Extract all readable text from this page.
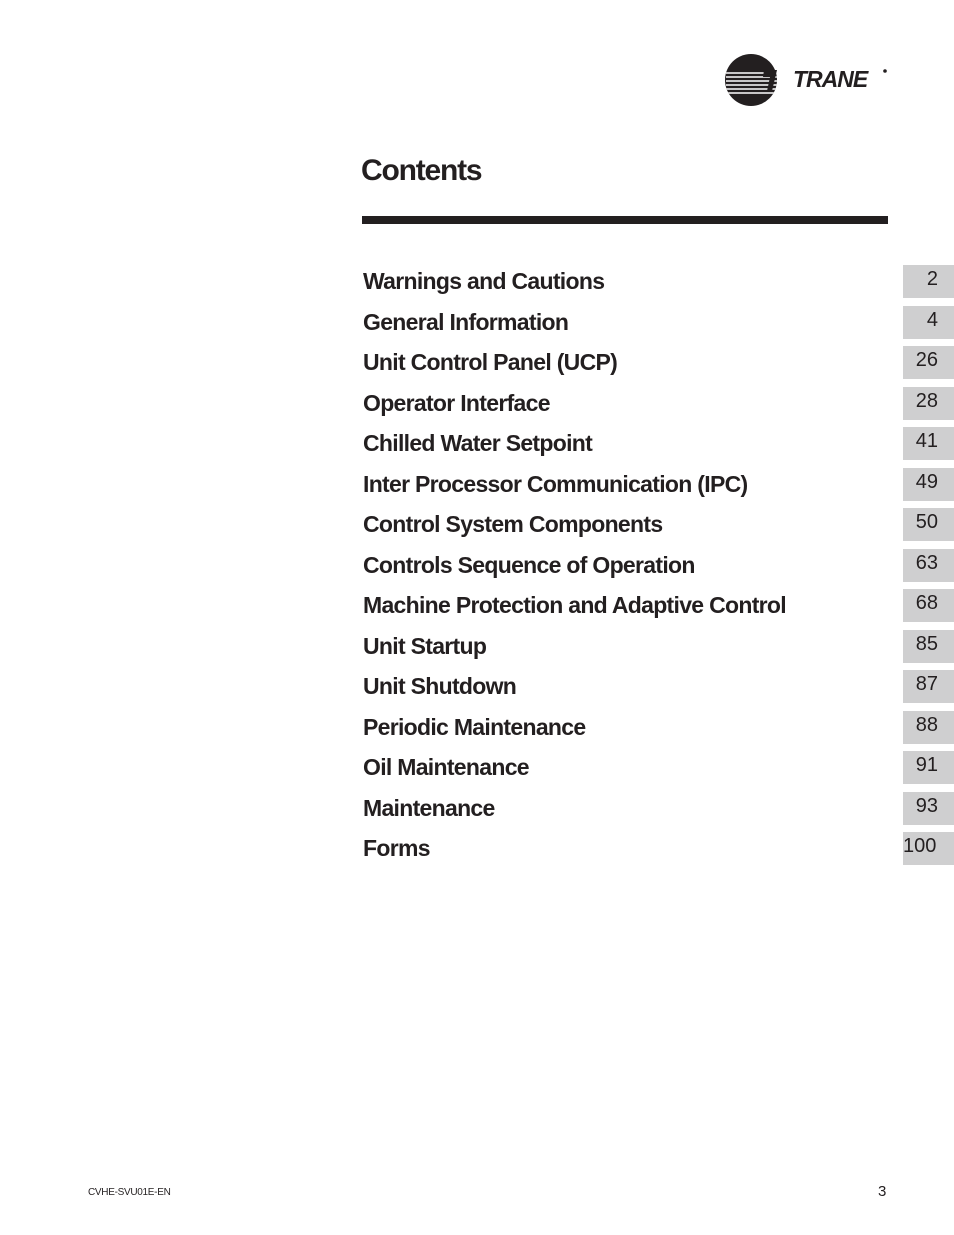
TRANE
Contents
Warnings and Cautions	2
General Information	4
Unit Control Panel (UCP)	26
Operator Interface	28
Chilled Water Setpoint	41
Inter Processor Communication (IPC)	49
Control System Components	50
Controls Sequence of Operation	63
Machine Protection and Adaptive Control	68
Unit Startup	85
Unit Shutdown	87
Periodic Maintenance	88
Oil Maintenance	91
Maintenance	93
Forms	100
CVHE-SVU01E-EN	3
